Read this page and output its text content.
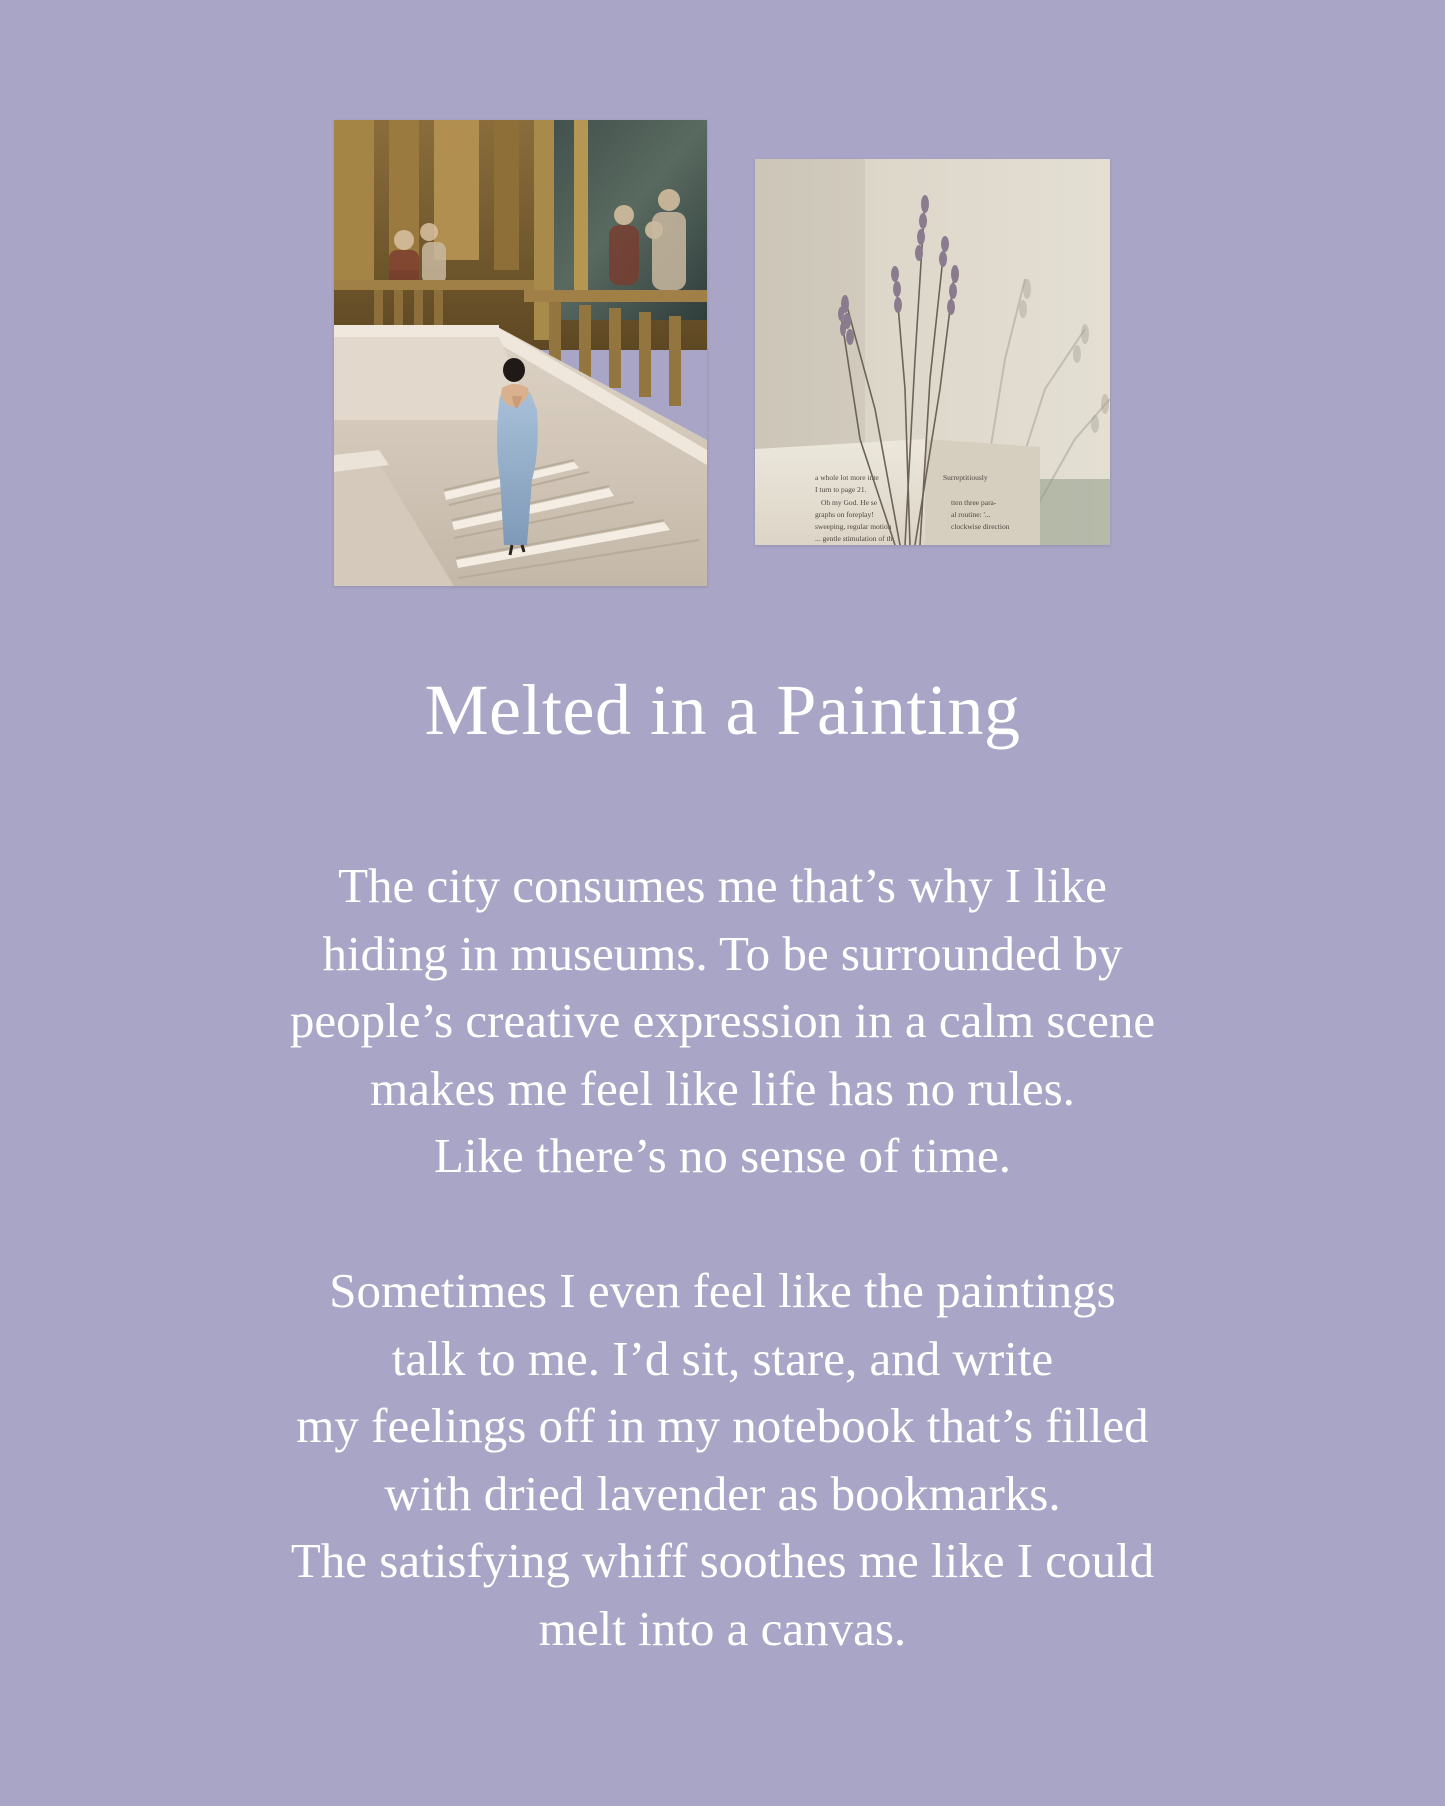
a whole lot more inte	Surreptitiously
I turn to page 21.
Oh my God. He se	tten three para-
graphs on foreplay!	al routine: '...
sweeping, regular motion	clockwise direction
... gentle stimulation of th
Melted in a Painting
The city consumes me that’s why I like
hiding in museums. To be surrounded by
people’s creative expression in a calm scene
makes me feel like life has no rules.
Like there’s no sense of time.
Sometimes I even feel like the paintings
talk to me. I’d sit, stare, and write
my feelings off in my notebook that’s filled
with dried lavender as bookmarks.
The satisfying whiff soothes me like I could
melt into a canvas.
